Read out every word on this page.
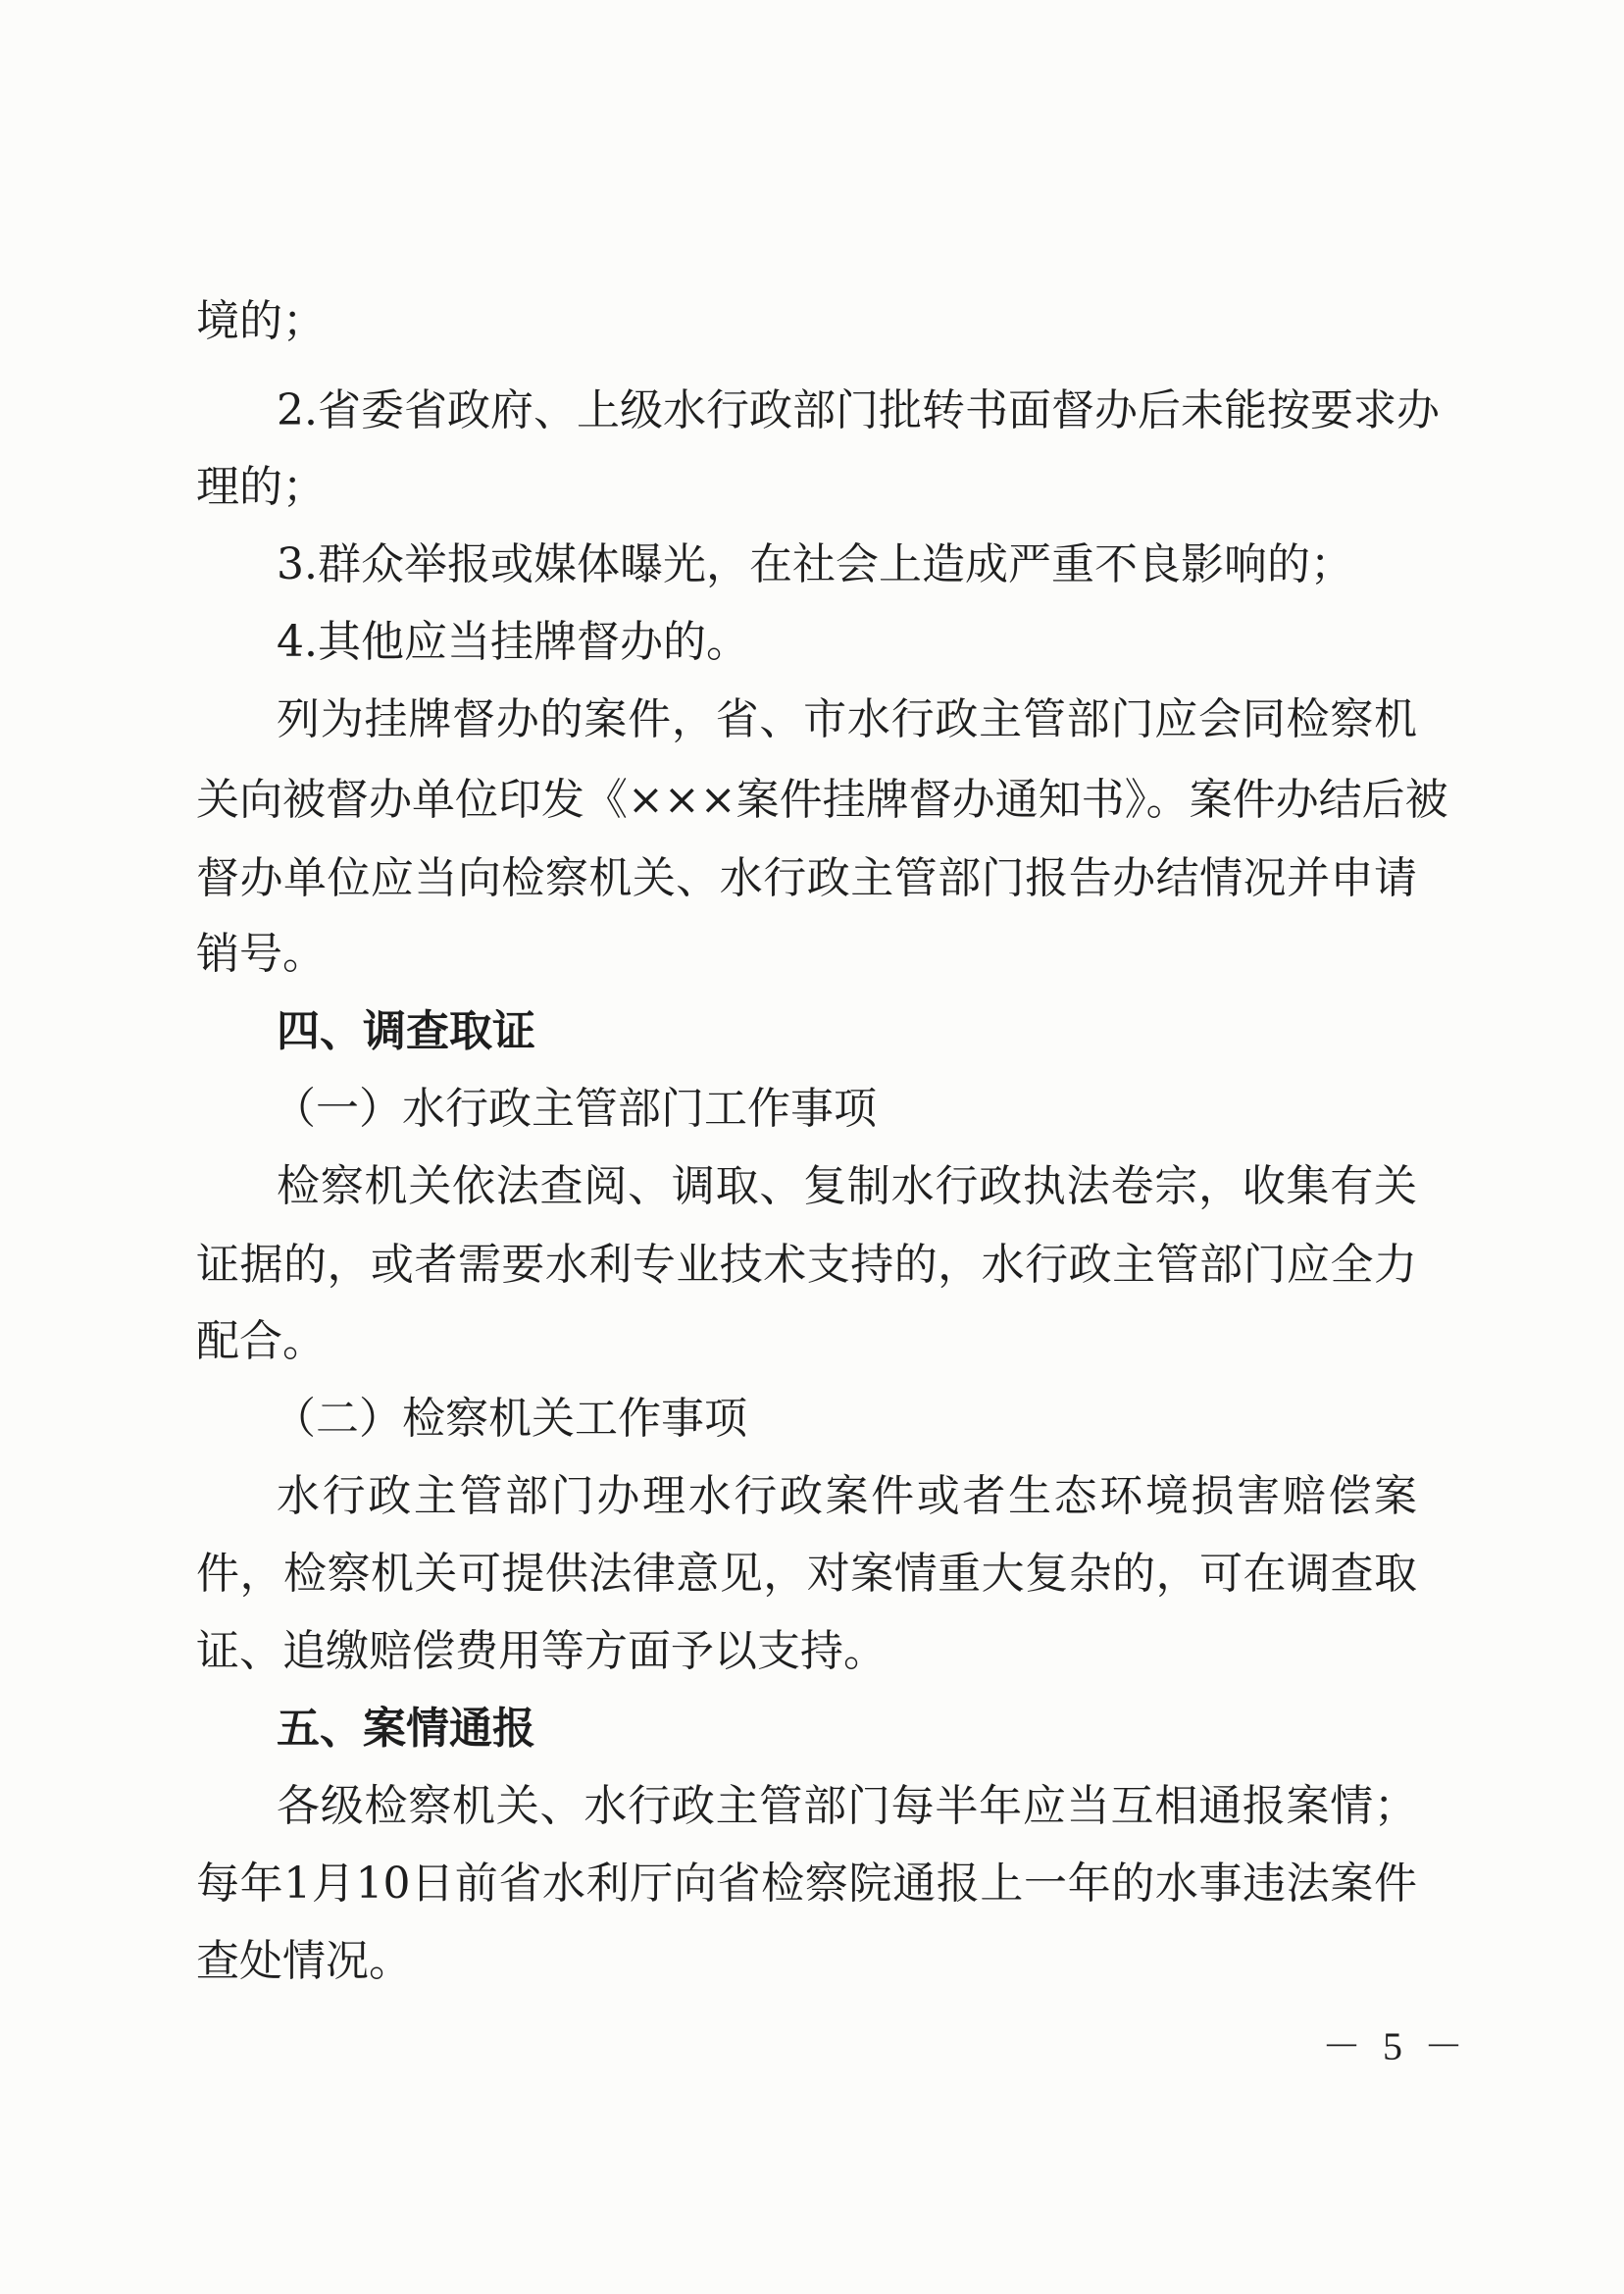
境的；
2.省委省政府、上级水行政部门批转书面督办后未能按要求办
理的；
3.群众举报或媒体曝光，在社会上造成严重不良影响的；
4.其他应当挂牌督办的。
列为挂牌督办的案件，省、市水行政主管部门应会同检察机
关向被督办单位印发《×××案件挂牌督办通知书》。案件办结后被
督办单位应当向检察机关、水行政主管部门报告办结情况并申请
销号。
四、调查取证
（一）水行政主管部门工作事项
检察机关依法查阅、调取、复制水行政执法卷宗，收集有关
证据的，或者需要水利专业技术支持的，水行政主管部门应全力
配合。
（二）检察机关工作事项
水行政主管部门办理水行政案件或者生态环境损害赔偿案
件，检察机关可提供法律意见，对案情重大复杂的，可在调查取
证、追缴赔偿费用等方面予以支持。
五、案情通报
各级检察机关、水行政主管部门每半年应当互相通报案情；
每年1月10日前省水利厅向省检察院通报上一年的水事违法案件
查处情况。
－ 5 －
